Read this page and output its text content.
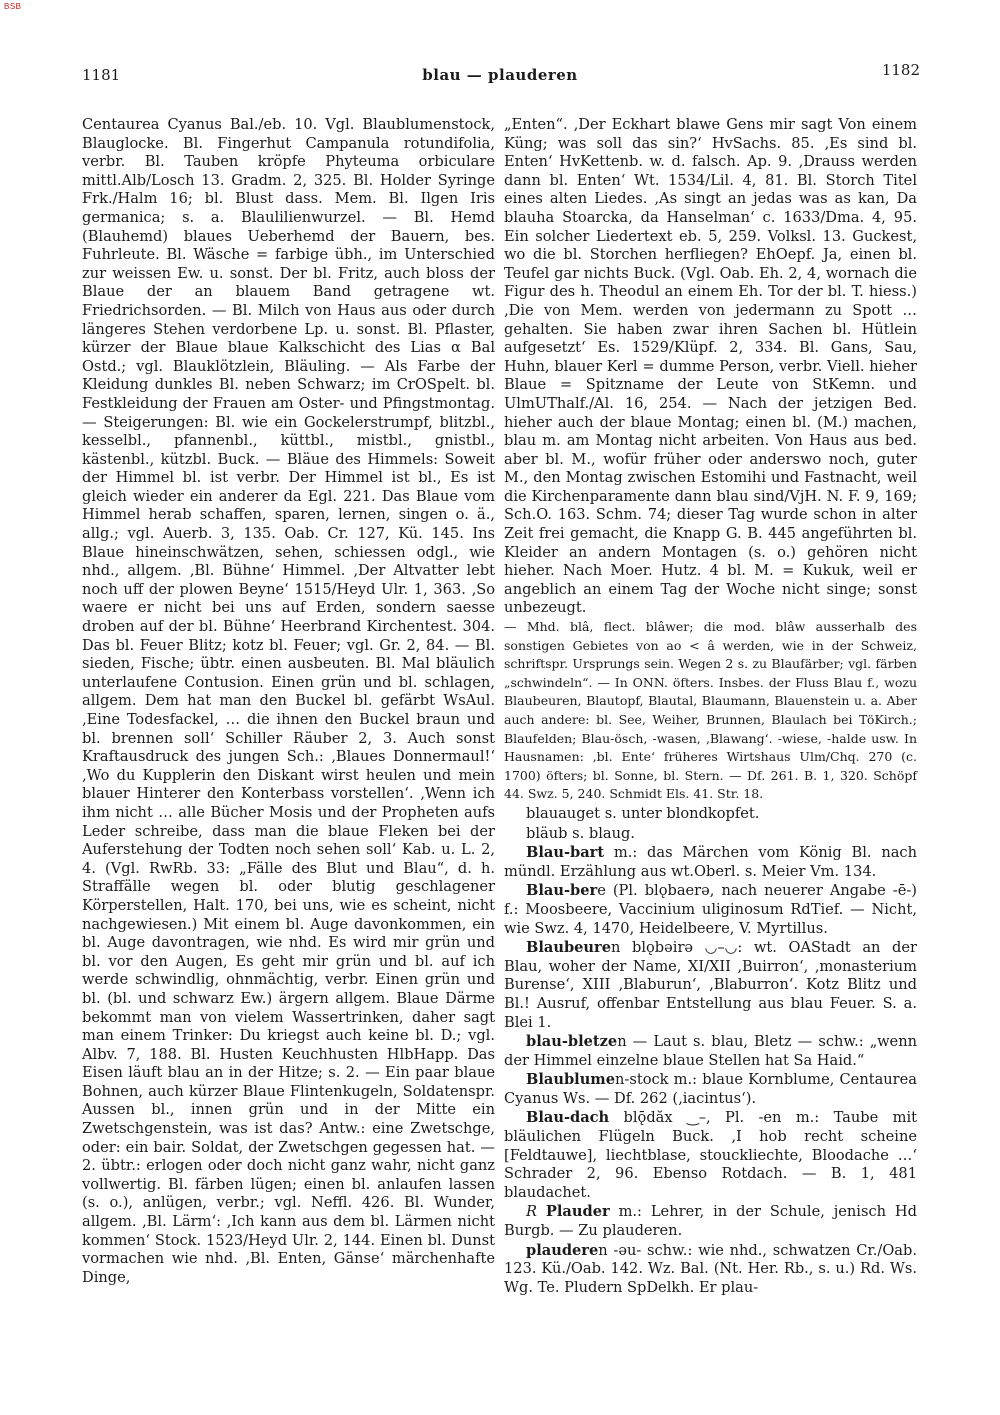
BSB
1181	blau — plauderen	1182

Centaurea Cyanus Bal./eb. 10. Vgl. Blaublumenstock, Blauglocke. Bl. Fingerhut Campanula rotundifolia, verbr. Bl. Tauben kröpfe Phyteuma orbiculare mittl.Alb/Losch 13. Gradm. 2, 325. Bl. Holder Syringe Frk./Halm 16; bl. Blust dass. Mem. Bl. Ilgen Iris germanica; s. a. Blaulilienwurzel. — Bl. Hemd (Blauhemd) blaues Ueberhemd der Bauern, bes. Fuhrleute. Bl. Wäsche = farbige übh., im Unterschied zur weissen Ew. u. sonst. Der bl. Fritz, auch bloss der Blaue der an blauem Band getragene wt. Friedrichsorden. — Bl. Milch von Haus aus oder durch längeres Stehen verdorbene Lp. u. sonst. Bl. Pflaster, kürzer der Blaue blaue Kalkschicht des Lias α Bal Ostd.; vgl. Blauklötzlein, Bläuling. — Als Farbe der Kleidung dunkles Bl. neben Schwarz; im CrOSpelt. bl. Festkleidung der Frauen am Oster- und Pfingstmontag. — Steigerungen: Bl. wie ein Gockelerstrumpf, blitzbl., kesselbl., pfannenbl., küttbl., mistbl., gnistbl., kästenbl., kützbl. Buck. — Bläue des Himmels: Soweit der Himmel bl. ist verbr. Der Himmel ist bl., Es ist gleich wieder ein anderer da Egl. 221. Das Blaue vom Himmel herab schaffen, sparen, lernen, singen o. ä., allg.; vgl. Auerb. 3, 135. Oab. Cr. 127, Kü. 145. Ins Blaue hineinschwätzen, sehen, schiessen odgl., wie nhd., allgem. ‚Bl. Bühne‘ Himmel. ‚Der Altvatter lebt noch uff der plowen Beyne‘ 1515/Heyd Ulr. 1, 363. ‚So waere er nicht bei uns auf Erden, sondern saesse droben auf der bl. Bühne‘ Heerbrand Kirchentest. 304. Das bl. Feuer Blitz; kotz bl. Feuer; vgl. Gr. 2, 84. — Bl. sieden, Fische; übtr. einen ausbeuten. Bl. Mal bläulich unterlaufene Contusion. Einen grün und bl. schlagen, allgem. Dem hat man den Buckel bl. gefärbt WsAul. ‚Eine Todesfackel, … die ihnen den Buckel braun und bl. brennen soll‘ Schiller Räuber 2, 3. Auch sonst Kraftausdruck des jungen Sch.: ‚Blaues Donnermaul!‘ ‚Wo du Kupplerin den Diskant wirst heulen und mein blauer Hinterer den Konterbass vorstellen‘. ‚Wenn ich ihm nicht … alle Bücher Mosis und der Propheten aufs Leder schreibe, dass man die blaue Fleken bei der Auferstehung der Todten noch sehen soll‘ Kab. u. L. 2, 4. (Vgl. RwRb. 33: „Fälle des Blut und Blau“, d. h. Straffälle wegen bl. oder blutig geschlagener Körperstellen, Halt. 170, bei uns, wie es scheint, nicht nachgewiesen.) Mit einem bl. Auge davonkommen, ein bl. Auge davontragen, wie nhd. Es wird mir grün und bl. vor den Augen, Es geht mir grün und bl. auf ich werde schwindlig, ohnmächtig, verbr. Einen grün und bl. (bl. und schwarz Ew.) ärgern allgem. Blaue Därme bekommt man von vielem Wassertrinken, daher sagt man einem Trinker: Du kriegst auch keine bl. D.; vgl. Albv. 7, 188. Bl. Husten Keuchhusten HlbHapp. Das Eisen läuft blau an in der Hitze; s. 2. — Ein paar blaue Bohnen, auch kürzer Blaue Flintenkugeln, Soldatenspr. Aussen bl., innen grün und in der Mitte ein Zwetschgenstein, was ist das? Antw.: eine Zwetschge, oder: ein bair. Soldat, der Zwetschgen gegessen hat. — 2. übtr.: erlogen oder doch nicht ganz wahr, nicht ganz vollwertig. Bl. färben lügen; einen bl. anlaufen lassen (s. o.), anlügen, verbr.; vgl. Neffl. 426. Bl. Wunder, allgem. ‚Bl. Lärm‘: ‚Ich kann aus dem bl. Lärmen nicht kommen‘ Stock. 1523/Heyd Ulr. 2, 144. Einen bl. Dunst vormachen wie nhd. ‚Bl. Enten, Gänse‘ märchenhafte Dinge,

„Enten“. ‚Der Eckhart blawe Gens mir sagt Von einem Küng; was soll das sin?‘ HvSachs. 85. ‚Es sind bl. Enten‘ HvKettenb. w. d. falsch. Ap. 9. ‚Drauss werden dann bl. Enten‘ Wt. 1534/Lil. 4, 81. Bl. Storch Titel eines alten Liedes. ‚As singt an jedas was as kan, Da blauha Stoarcka, da Hanselman‘ c. 1633/Dma. 4, 95. Ein solcher Liedertext eb. 5, 259. Volksl. 13. Guckest, wo die bl. Storchen herfliegen? EhOepf. Ja, einen bl. Teufel gar nichts Buck. (Vgl. Oab. Eh. 2, 4, wornach die Figur des h. Theodul an einem Eh. Tor der bl. T. hiess.) ‚Die von Mem. werden von jedermann zu Spott … gehalten. Sie haben zwar ihren Sachen bl. Hütlein aufgesetzt‘ Es. 1529/Klüpf. 2, 334. Bl. Gans, Sau, Huhn, blauer Kerl = dumme Person, verbr. Viell. hieher Blaue = Spitzname der Leute von StKemn. und UlmUThalf./Al. 16, 254. — Nach der jetzigen Bed. hieher auch der blaue Montag; einen bl. (M.) machen, blau m. am Montag nicht arbeiten. Von Haus aus bed. aber bl. M., wofür früher oder anderswo noch, guter M., den Montag zwischen Estomihi und Fastnacht, weil die Kirchenparamente dann blau sind/VjH. N. F. 9, 169; Sch.O. 163. Schm. 74; dieser Tag wurde schon in alter Zeit frei gemacht, die Knapp G. B. 445 angeführten bl. Kleider an andern Montagen (s. o.) gehören nicht hieher. Nach Moer. Hutz. 4 bl. M. = Kukuk, weil er angeblich an einem Tag der Woche nicht singe; sonst unbezeugt.

— Mhd. blâ, flect. blâwer; die mod. blâw ausserhalb des sonstigen Gebietes von ao < â werden, wie in der Schweiz, schriftspr. Ursprungs sein. Wegen 2 s. zu Blaufärber; vgl. färben „schwindeln“. — In ONN. öfters. Insbes. der Fluss Blau f., wozu Blaubeuren, Blautopf, Blautal, Blaumann, Blauenstein u. a. Aber auch andere: bl. See, Weiher, Brunnen, Blaulach bei TöKirch.; Blaufelden; Blau-ösch, -wasen, ‚Blawang‘. -wiese, -halde usw. In Hausnamen: ‚bl. Ente‘ früheres Wirtshaus Ulm/Chq. 270 (c. 1700) öfters; bl. Sonne, bl. Stern. — Df. 261. B. 1, 320. Schöpf 44. Swz. 5, 240. Schmidt Els. 41. Str. 18.

blauauget s. unter blondkopfet.

bläub s. blaug.

Blau-bart m.: das Märchen vom König Bl. nach mündl. Erzählung aus wt.Oberl. s. Meier Vm. 134.

Blau-bere (Pl. blǫbaerə, nach neuerer Angabe -ē-) f.: Moosbeere, Vaccinium uliginosum RdTief. — Nicht, wie Swz. 4, 1470, Heidelbeere, V. Myrtillus.

Blaubeuren blǫbəirə ◡–◡: wt. OAStadt an der Blau, woher der Name, XI/XII ‚Buirron‘, ‚monasterium Burense‘, XIII ‚Blaburun‘, ‚Blaburron‘. Kotz Blitz und Bl.! Ausruf, offenbar Entstellung aus blau Feuer. S. a. Blei 1.

blau-bletzen — Laut s. blau, Bletz — schw.: „wenn der Himmel einzelne blaue Stellen hat Sa Haid.“

Blaublumen-stock m.: blaue Kornblume, Centaurea Cyanus Ws. — Df. 262 (‚iacintus‘).

Blau-dach blǭdăx ‿–, Pl. -en m.: Taube mit bläulichen Flügeln Buck. ‚I hob recht scheine [Feldtauwe], liechtblase, stouckliechte, Bloodache …‘ Schrader 2, 96. Ebenso Rotdach. — B. 1, 481 blaudachet.

R Plauder m.: Lehrer, in der Schule, jenisch Hd Burgb. — Zu plauderen.

plauderen -əu- schw.: wie nhd., schwatzen Cr./Oab. 123. Kü./Oab. 142. Wz. Bal. (Nt. Her. Rb., s. u.) Rd. Ws. Wg. Te. Pludern SpDelkh. Er plau-
